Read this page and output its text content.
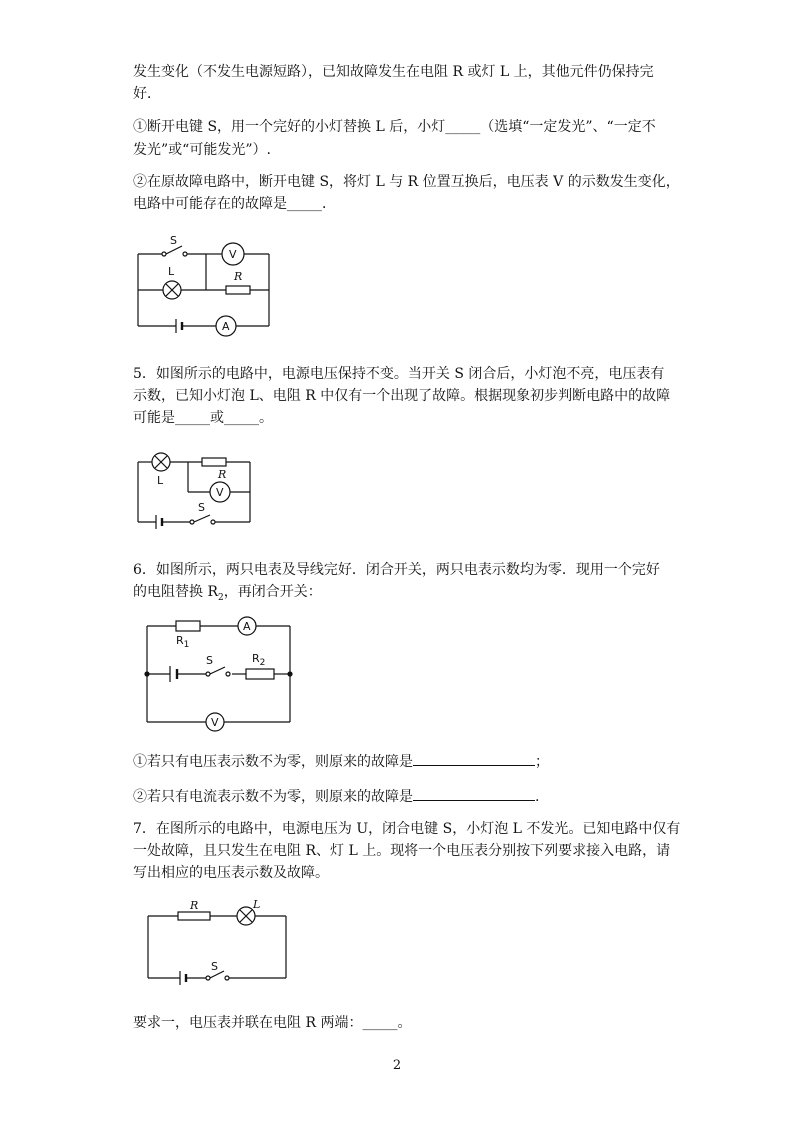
发生变化（不发生电源短路），已知故障发生在电阻 R 或灯 L 上，其他元件仍保持完

好．

①断开电键 S，用一个完好的小灯替换 L 后，小灯_____（选填“一定发光”、“一定不

发光”或“可能发光”）.

②在原故障电路中，断开电键 S，将灯 L 与 R 位置互换后，电压表 V 的示数发生变化，

电路中可能存在的故障是_____．

S
V
L	R
A

5．如图所示的电路中，电源电压保持不变。当开关 S 闭合后，小灯泡不亮，电压表有

示数，已知小灯泡 L、电阻 R 中仅有一个出现了故障。根据现象初步判断电路中的故障

可能是_____或_____。

L	R
V
S

6．如图所示，两只电表及导线完好．闭合开关，两只电表示数均为零．现用一个完好

的电阻替换 $R_2$，再闭合开关：

$R_1$
A
S	$R_2$
V

①若只有电压表示数不为零，则原来的故障是	；

②若只有电流表示数不为零，则原来的故障是	.

7．在图所示的电路中，电源电压为 U，闭合电键 S，小灯泡 L 不发光。已知电路中仅有

一处故障，且只发生在电阻 R、灯 L 上。现将一个电压表分别按下列要求接入电路，请

写出相应的电压表示数及故障。

R	L
S

要求一，电压表并联在电阻 R 两端：_____。

2
